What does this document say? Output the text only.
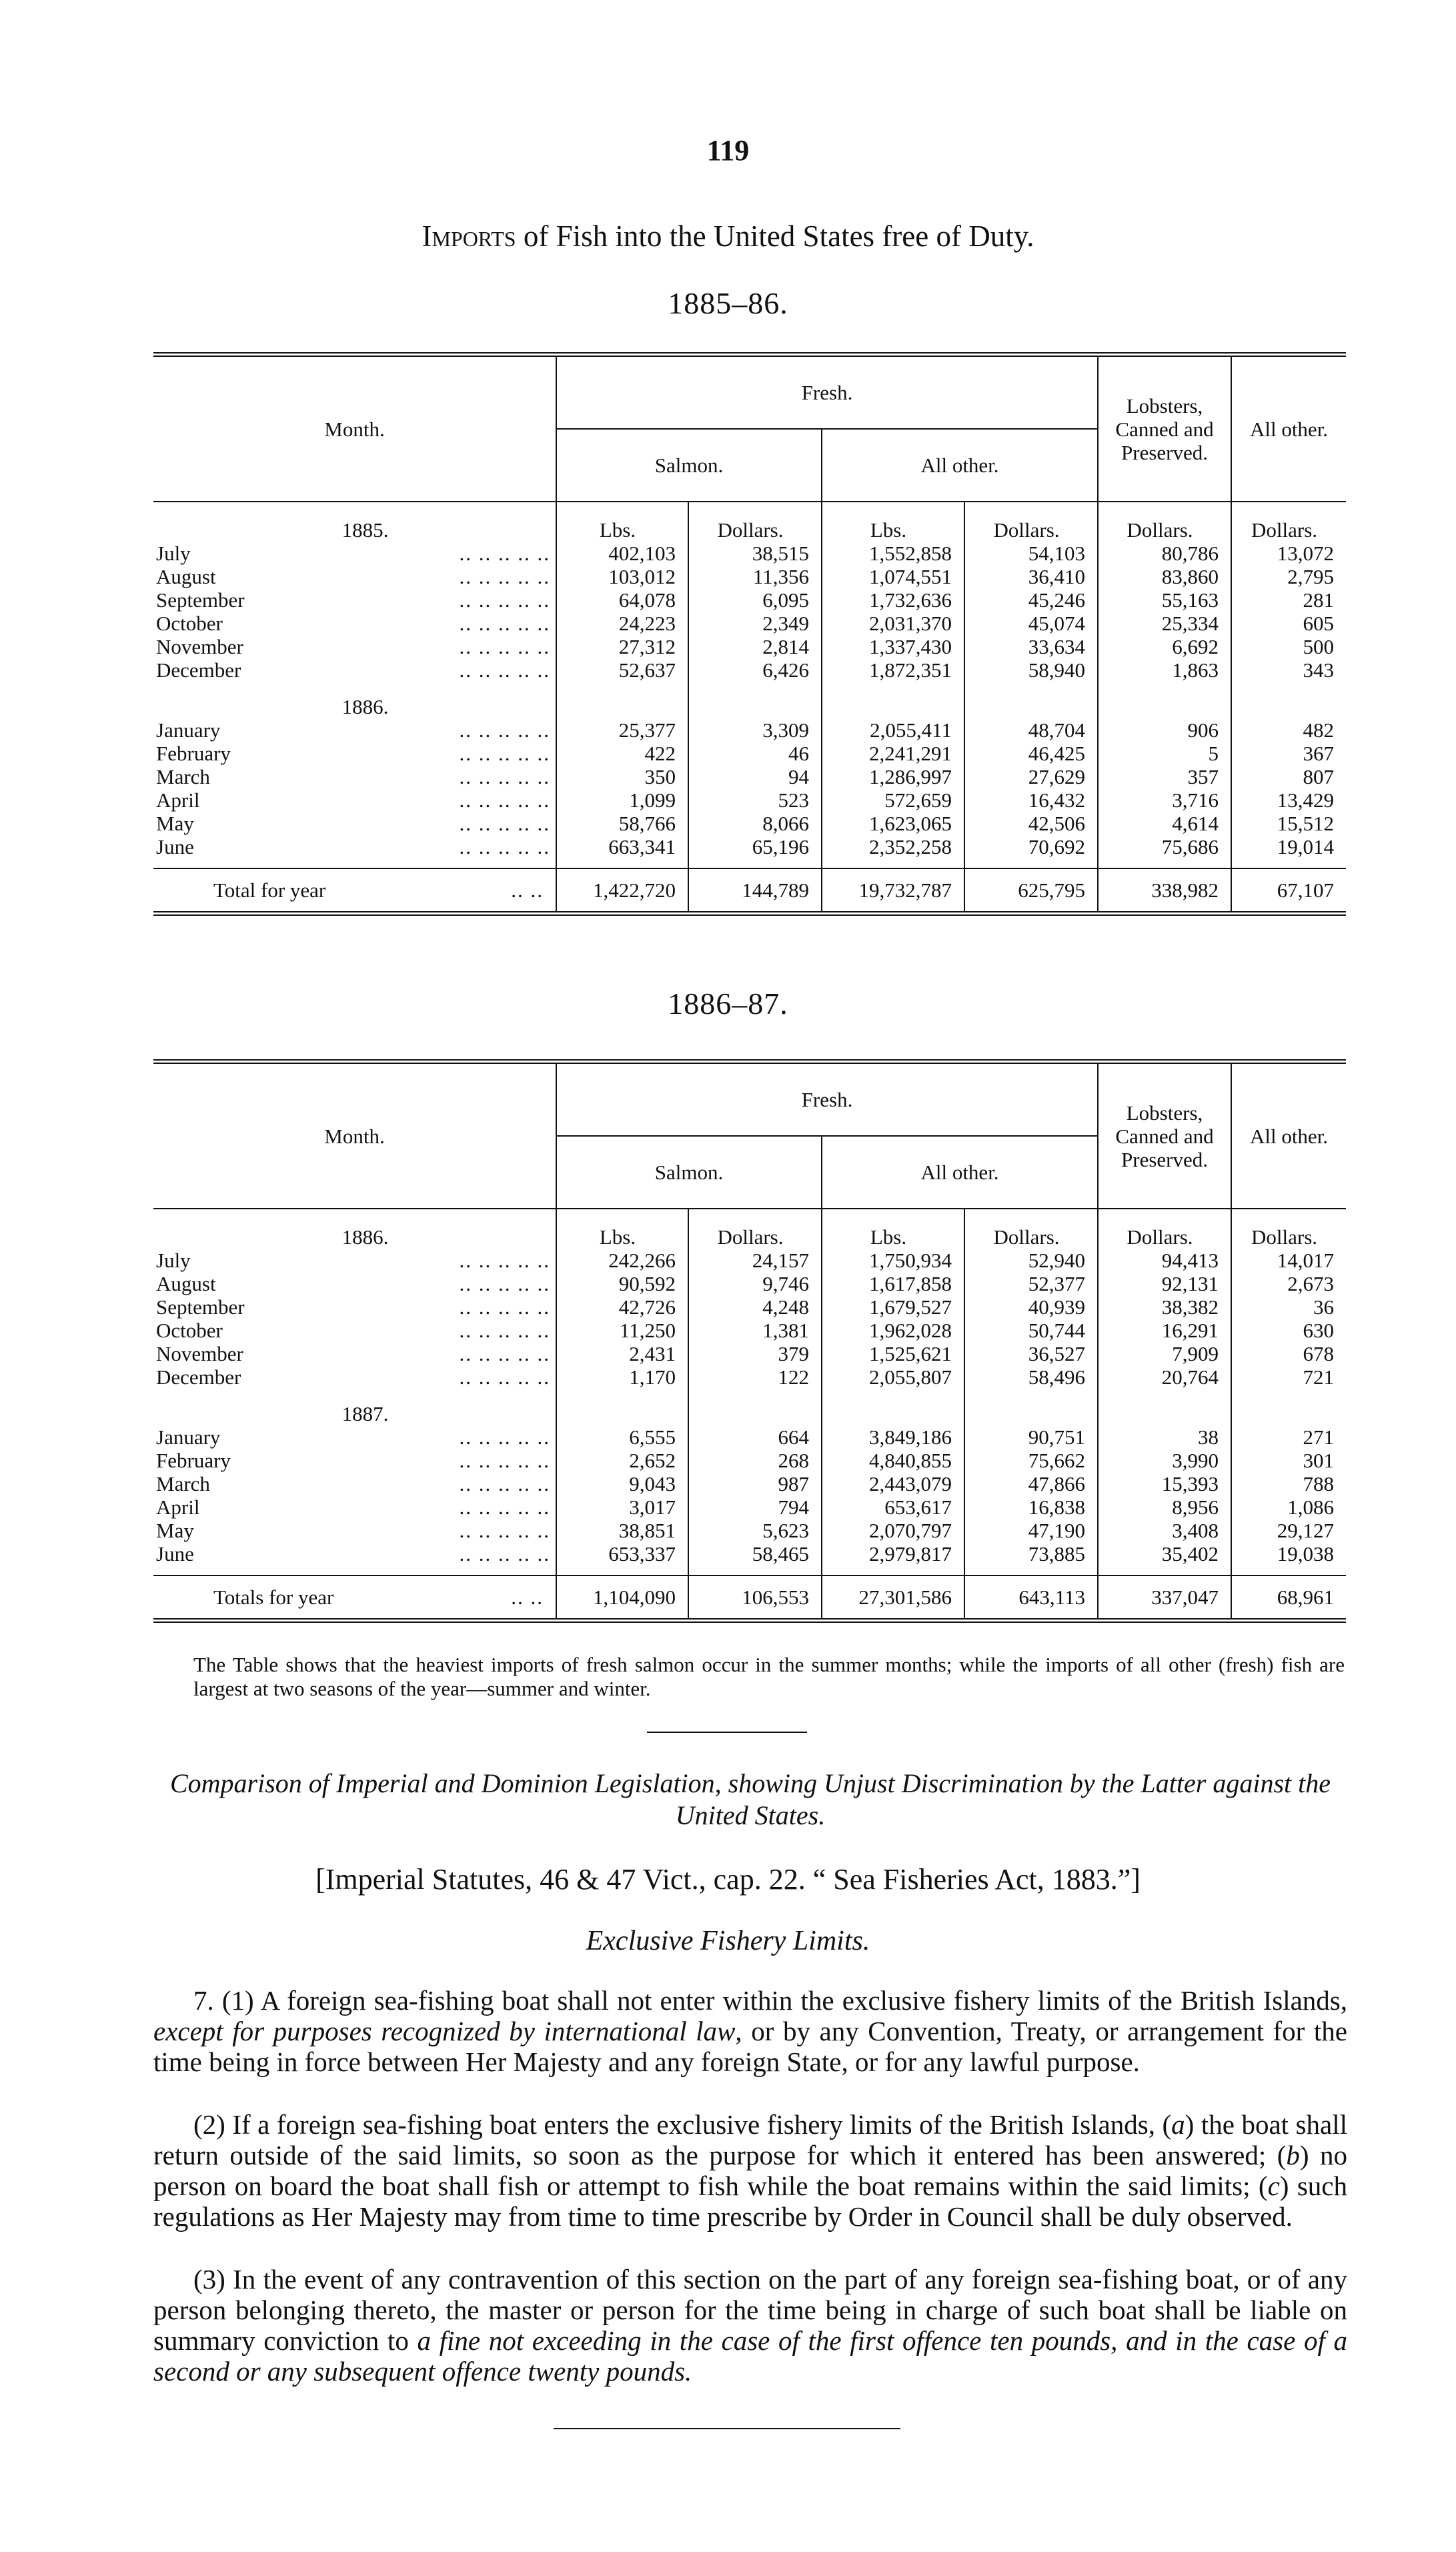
119
Imports of Fish into the United States free of Duty.
1885–86.
Month.	Fresh.				Lobsters, Canned and Preserved.	All other.
	Salmon.		All other.			
1885.	Lbs.	Dollars.	Lbs.	Dollars.	Dollars.	Dollars.

.. .. .. .. ..
July	402,103	38,515	1,552,858	54,103	80,786	13,072

.. .. .. .. ..
August	103,012	11,356	1,074,551	36,410	83,860	2,795

.. .. .. .. ..
September	64,078	6,095	1,732,636	45,246	55,163	281

.. .. .. .. ..
October	24,223	2,349	2,031,370	45,074	25,334	605

.. .. .. .. ..
November	27,312	2,814	1,337,430	33,634	6,692	500

.. .. .. .. ..
December	52,637	6,426	1,872,351	58,940	1,863	343
1886.						

.. .. .. .. ..
January	25,377	3,309	2,055,411	48,704	906	482

.. .. .. .. ..
February	422	46	2,241,291	46,425	5	367

.. .. .. .. ..
March	350	94	1,286,997	27,629	357	807

.. .. .. .. ..
April	1,099	523	572,659	16,432	3,716	13,429

.. .. .. .. ..
May	58,766	8,066	1,623,065	42,506	4,614	15,512

.. .. .. .. ..
June	663,341	65,196	2,352,258	70,692	75,686	19,014

.. ..
Total for year	1,422,720	144,789	19,732,787	625,795	338,982	67,107
1886–87.
Month.	Fresh.				Lobsters, Canned and Preserved.	All other.
	Salmon.		All other.			
1886.	Lbs.	Dollars.	Lbs.	Dollars.	Dollars.	Dollars.

.. .. .. .. ..
July	242,266	24,157	1,750,934	52,940	94,413	14,017

.. .. .. .. ..
August	90,592	9,746	1,617,858	52,377	92,131	2,673

.. .. .. .. ..
September	42,726	4,248	1,679,527	40,939	38,382	36

.. .. .. .. ..
October	11,250	1,381	1,962,028	50,744	16,291	630

.. .. .. .. ..
November	2,431	379	1,525,621	36,527	7,909	678

.. .. .. .. ..
December	1,170	122	2,055,807	58,496	20,764	721
1887.						

.. .. .. .. ..
January	6,555	664	3,849,186	90,751	38	271

.. .. .. .. ..
February	2,652	268	4,840,855	75,662	3,990	301

.. .. .. .. ..
March	9,043	987	2,443,079	47,866	15,393	788

.. .. .. .. ..
April	3,017	794	653,617	16,838	8,956	1,086

.. .. .. .. ..
May	38,851	5,623	2,070,797	47,190	3,408	29,127

.. .. .. .. ..
June	653,337	58,465	2,979,817	73,885	35,402	19,038

.. ..
Totals for year	1,104,090	106,553	27,301,586	643,113	337,047	68,961
The Table shows that the heaviest imports of fresh salmon occur in the summer months; while the imports of all other (fresh) fish are largest at two seasons of the year—summer and winter.
Comparison of Imperial and Dominion Legislation, showing Unjust Discrimination by the Latter against the United States.
[Imperial Statutes, 46 & 47 Vict., cap. 22. “ Sea Fisheries Act, 1883.”]
Exclusive Fishery Limits.

7. (1) A foreign sea-fishing boat shall not enter within the exclusive fishery limits of the British Islands, except for purposes recognized by international law, or by any Convention, Treaty, or arrangement for the time being in force between Her Majesty and any foreign State, or for any lawful purpose.

(2) If a foreign sea-fishing boat enters the exclusive fishery limits of the British Islands, (a) the boat shall return outside of the said limits, so soon as the purpose for which it entered has been answered; (b) no person on board the boat shall fish or attempt to fish while the boat remains within the said limits; (c) such regulations as Her Majesty may from time to time prescribe by Order in Council shall be duly observed.

(3) In the event of any contravention of this section on the part of any foreign sea-fishing boat, or of any person belonging thereto, the master or person for the time being in charge of such boat shall be liable on summary conviction to a fine not exceeding in the case of the first offence ten pounds, and in the case of a second or any subsequent offence twenty pounds.
